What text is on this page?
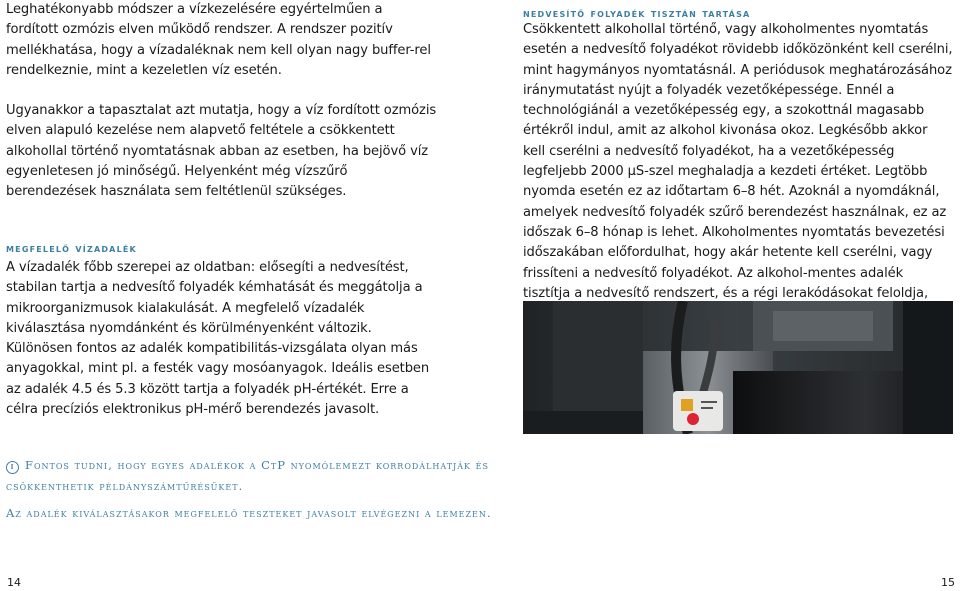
Leghatékonyabb módszer a vízkezelésére egyértelműen a fordított ozmózis elven működő rendszer. A rendszer pozitív mellékhatása, hogy a vízadaléknak nem kell olyan nagy buffer-rel rendelkeznie, mint a kezeletlen víz esetén.

Ugyanakkor a tapasztalat azt mutatja, hogy a víz fordított ozmózis elven alapuló kezelése nem alapvető feltétele a csökkentett alkohollal történő nyomtatásnak abban az esetben, ha bejövő víz egyenletesen jó minőségű. Helyenként még vízszűrő berendezések használata sem feltétlenül szükséges.

megfelelő vízadalék

A vízadalék főbb szerepei az oldatban: elősegíti a nedvesítést, stabilan tartja a nedvesítő folyadék kémhatását és meggátolja a mikroorganizmusok kialakulását. A megfelelő vízadalék kiválasztása nyomdánként és körülményenként változik. Különösen fontos az adalék kompatibilitás-vizsgálata olyan más anyagokkal, mint pl. a festék vagy mosóanyagok. Ideális esetben az adalék 4.5 és 5.3 között tartja a folyadék pH-értékét. Erre a célra precíziós elektronikus pH-mérő berendezés javasolt.

nedvesítő folyadék tisztán tartása

Csökkentett alkohollal történő, vagy alkoholmentes nyomtatás esetén a nedvesítő folyadékot rövidebb időközönként kell cserélni, mint hagymányos nyomtatásnál. A periódusok meghatározásához iránymutatást nyújt a folyadék vezetőképessége. Ennél a technológiánál a vezetőképesség egy, a szokottnál magasabb értékről indul, amit az alkohol kivonása okoz. Legkésőbb akkor kell cserélni a nedvesítő folyadékot, ha a vezetőképesség legfeljebb 2000 µS-szel meghaladja a kezdeti értéket. Legtöbb nyomda esetén ez az időtartam 6–8 hét. Azoknál a nyomdáknál, amelyek nedvesítő folyadék szűrő berendezést használnak, ez az időszak 6–8 hónap is lehet. Alkoholmentes nyomtatás bevezetési időszakában előfordulhat, hogy akár hetente kell cserélni, vagy frissíteni a nedvesítő folyadékot. Az alkohol-mentes adalék tisztítja a nedvesítő rendszert, és a régi lerakódásokat feloldja,

i Fontos tudni, hogy egyes adalékok a CtP nyomólemezt korrodálhatják és csökkenthetik példányszámtűrésüket.

Az adalék kiválasztásakor megfelelő teszteket javasolt elvégezni a lemezen.

14	15
